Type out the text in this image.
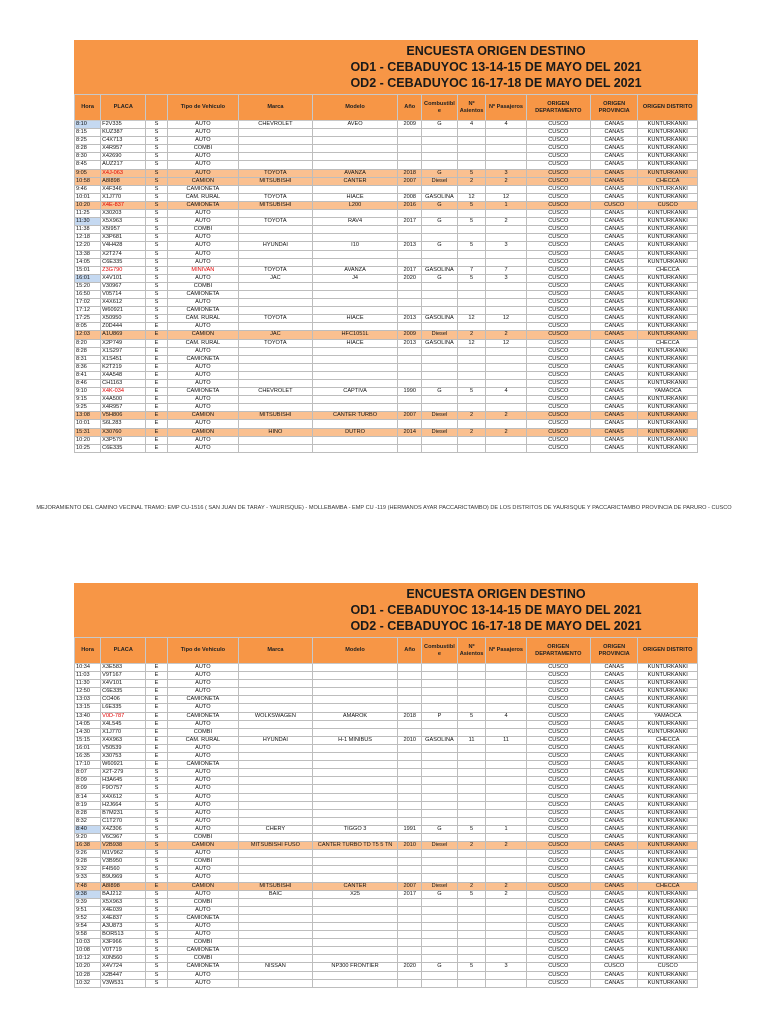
ENCUESTA ORIGEN DESTINO
OD1 - CEBADUYOC 13-14-15 DE MAYO DEL 2021
OD2 - CEBADUYOC 16-17-18 DE MAYO DEL 2021
Hora	PLACA		Tipo de Vehiculo	Marca	Modelo	Año	Combustibl e	Nº Asientos	Nº Pasajeros	ORIGEN DEPARTAMENTO	ORIGEN PROVINCIA	ORIGEN DISTRITO
8:10	F2V335	S	AUTO	CHEVROLET	AVEO	2009	G	4	4	CUSCO	CANAS	KUNTURKANKI
8:15	KUZ387	S	AUTO							CUSCO	CANAS	KUNTURKANKI
8:25	C4X713	S	AUTO							CUSCO	CANAS	KUNTURKANKI
8:28	X4R957	S	COMBI							CUSCO	CANAS	KUNTURKANKI
8:30	X42690	S	AUTO							CUSCO	CANAS	KUNTURKANKI
8:45	AUZ217	S	AUTO							CUSCO	CANAS	KUNTURKANKI
9:05	X4J-063	S	AUTO	TOYOTA	AVANZA	2018	G	5	3	CUSCO	CANAS	KUNTURKANKI
10:58	A8I898	S	CAMION	MITSUBISHI	CANTER	2007	Diesel	2	2	CUSCO	CANAS	CHECCA
9:46	X4F346	S	CAMIONETA							CUSCO	CANAS	KUNTURKANKI
10:01	X1J770	S	CAM. RURAL	TOYOTA	HIACE	2008	GASOLINA	12	12	CUSCO	CANAS	KUNTURKANKI
10:20	X4E-837	S	CAMIONETA	MITSUBISHI	L200	2016	G	5	1	CUSCO	CUSCO	CUSCO
11:25	X30203	S	AUTO							CUSCO	CANAS	KUNTURKANKI
11:30	X5X963	S	AUTO	TOYOTA	RAV4	2017	G	5	2	CUSCO	CANAS	KUNTURKANKI
11:38	X5I957	S	COMBI							CUSCO	CANAS	KUNTURKANKI
12:18	X3P681	S	AUTO							CUSCO	CANAS	KUNTURKANKI
12:20	V4H428	S	AUTO	HYUNDAI	I10	2013	G	5	3	CUSCO	CANAS	KUNTURKANKI
13:38	X2T274	S	AUTO							CUSCO	CANAS	KUNTURKANKI
14:05	C6E335	S	AUTO							CUSCO	CANAS	KUNTURKANKI
15:01	Z3G790	S	MINIVAN	TOYOTA	AVANZA	2017	GASOLINA	7	7	CUSCO	CANAS	CHECCA
16:01	X4V101	S	AUTO	JAC	J4	2020	G	5	3	CUSCO	CANAS	KUNTURKANKI
15:20	V30967	S	COMBI							CUSCO	CANAS	KUNTURKANKI
16:50	V05714	S	CAMIONETA							CUSCO	CANAS	KUNTURKANKI
17:02	X4X612	S	AUTO							CUSCO	CANAS	KUNTURKANKI
17:12	W60921	S	CAMIONETA							CUSCO	CANAS	KUNTURKANKI
17:25	X50950	S	CAM. RURAL	TOYOTA	HIACE	2013	GASOLINA	12	12	CUSCO	CANAS	KUNTURKANKI
8:05	Z0D444	E	AUTO							CUSCO	CANAS	KUNTURKANKI
12:03	A1U869	E	CAMION	JAC	HFC1051L	2009	Diesel	2	2	CUSCO	CANAS	KUNTURKANKI
8:20	X2P749	E	CAM. RURAL	TOYOTA	HIACE	2013	GASOLINA	12	12	CUSCO	CANAS	CHECCA
8:28	X1S297	E	AUTO							CUSCO	CANAS	KUNTURKANKI
8:31	X1S451	E	CAMIONETA							CUSCO	CANAS	KUNTURKANKI
8:36	K2T219	E	AUTO							CUSCO	CANAS	KUNTURKANKI
8:41	X4A548	E	AUTO							CUSCO	CANAS	KUNTURKANKI
8:46	CH1163	E	AUTO							CUSCO	CANAS	KUNTURKANKI
9:10	X4K-034	E	CAMIONETA	CHEVROLET	CAPTIVA	1990	G	5	4	CUSCO	CANAS	YAMAOCA
9:15	X4A500	E	AUTO							CUSCO	CANAS	KUNTURKANKI
9:25	X4R957	E	AUTO							CUSCO	CANAS	KUNTURKANKI
13:08	V5H806	E	CAMION	MITSUBISHI	CANTER TURBO	2007	Diesel	2	2	CUSCO	CANAS	KUNTURKANKI
10:01	S6L283	E	AUTO							CUSCO	CANAS	KUNTURKANKI
15:31	X30760	E	CAMION	HINO	DUTRO	2014	Diesel	2	2	CUSCO	CANAS	KUNTURKANKI
10:20	X3P579	E	AUTO							CUSCO	CANAS	KUNTURKANKI
10:25	C6E335	E	AUTO							CUSCO	CANAS	KUNTURKANKI
MEJORAMIENTO DEL CAMINO VECINAL TRAMO: EMP CU-1516 ( SAN JUAN DE TARAY - YAURISQUE) - MOLLEBAMBA - EMP CU -119 (HERMANOS AYAR PACCARICTAMBO) DE LOS DISTRITOS DE YAURISQUE Y PACCARICTAMBO PROVINCIA DE PARURO - CUSCO
ENCUESTA ORIGEN DESTINO
OD1 - CEBADUYOC 13-14-15 DE MAYO DEL 2021
OD2 - CEBADUYOC 16-17-18 DE MAYO DEL 2021
Hora	PLACA		Tipo de Vehiculo	Marca	Modelo	Año	Combustibl e	Nº Asientos	Nº Pasajeros	ORIGEN DEPARTAMENTO	ORIGEN PROVINCIA	ORIGEN DISTRITO
10:34	X3E583	E	AUTO							CUSCO	CANAS	KUNTURKANKI
11:03	V9T167	E	AUTO							CUSCO	CANAS	KUNTURKANKI
11:30	X4V101	E	AUTO							CUSCO	CANAS	KUNTURKANKI
12:50	C6E335	E	AUTO							CUSCO	CANAS	KUNTURKANKI
13:03	CO406	E	CAMIONETA							CUSCO	CANAS	KUNTURKANKI
13:15	L6E335	E	AUTO							CUSCO	CANAS	KUNTURKANKI
13:40	V0D-787	E	CAMIONETA	WOLKSWAGEN	AMAROK	2018	P	5	4	CUSCO	CANAS	YAMAOCA
14:05	X4L545	E	AUTO							CUSCO	CANAS	KUNTURKANKI
14:30	X1J770	E	COMBI							CUSCO	CANAS	KUNTURKANKI
15:15	X4X963	E	CAM. RURAL	HYUNDAI	H-1 MINIBUS	2010	GASOLINA	11	11	CUSCO	CANAS	CHECCA
16:01	V50539	E	AUTO							CUSCO	CANAS	KUNTURKANKI
16:35	X30753	E	AUTO							CUSCO	CANAS	KUNTURKANKI
17:10	W60921	E	CAMIONETA							CUSCO	CANAS	KUNTURKANKI
8:07	X2T-279	S	AUTO							CUSCO	CANAS	KUNTURKANKI
8:09	H3A645	S	AUTO							CUSCO	CANAS	KUNTURKANKI
8:09	F9O757	S	AUTO							CUSCO	CANAS	KUNTURKANKI
8:14	X4X612	S	AUTO							CUSCO	CANAS	KUNTURKANKI
8:19	H2J664	S	AUTO							CUSCO	CANAS	KUNTURKANKI
8:28	B7M231	S	AUTO							CUSCO	CANAS	KUNTURKANKI
8:32	C1T270	S	AUTO							CUSCO	CANAS	KUNTURKANKI
8:40	X4Z306	S	AUTO	CHERY	TIGGO 3	1991	G	5	1	CUSCO	CANAS	KUNTURKANKI
9:20	V6C967	S	COMBI							CUSCO	CANAS	KUNTURKANKI
16:38	V2B938	S	CAMION	MITSUBISHI FUSO	CANTER TURBO TD T5 5 TN	2010	Diesel	2	2	CUSCO	CANAS	KUNTURKANKI
9:26	M1V962	S	AUTO							CUSCO	CANAS	KUNTURKANKI
9:28	V3B950	S	COMBI							CUSCO	CANAS	KUNTURKANKI
9:32	F4I560	S	AUTO							CUSCO	CANAS	KUNTURKANKI
9:33	B9U969	S	AUTO							CUSCO	CANAS	KUNTURKANKI
7:48	A8I898	E	CAMION	MITSUBISHI	CANTER	2007	Diesel	2	2	CUSCO	CANAS	CHECCA
9:38	BAJ212	S	AUTO	BAIC	X25	2017	G	5	2	CUSCO	CANAS	KUNTURKANKI
9:39	X5X963	S	COMBI							CUSCO	CANAS	KUNTURKANKI
9:51	X4E039	S	AUTO							CUSCO	CANAS	KUNTURKANKI
9:52	X4E837	S	CAMIONETA							CUSCO	CANAS	KUNTURKANKI
9:54	A3U873	S	AUTO							CUSCO	CANAS	KUNTURKANKI
9:58	BOR513	S	AUTO							CUSCO	CANAS	KUNTURKANKI
10:03	X3F966	S	COMBI							CUSCO	CANAS	KUNTURKANKI
10:08	V0T719	S	CAMIONETA							CUSCO	CANAS	KUNTURKANKI
10:12	X0N560	S	COMBI							CUSCO	CANAS	KUNTURKANKI
10:20	X4V724	S	CAMIONETA	NISSAN	NP300 FRONTIER	2020	G	5	3	CUSCO	CUSCO	CUSCO
10:28	X2B447	S	AUTO							CUSCO	CANAS	KUNTURKANKI
10:32	V3W531	S	AUTO							CUSCO	CANAS	KUNTURKANKI
